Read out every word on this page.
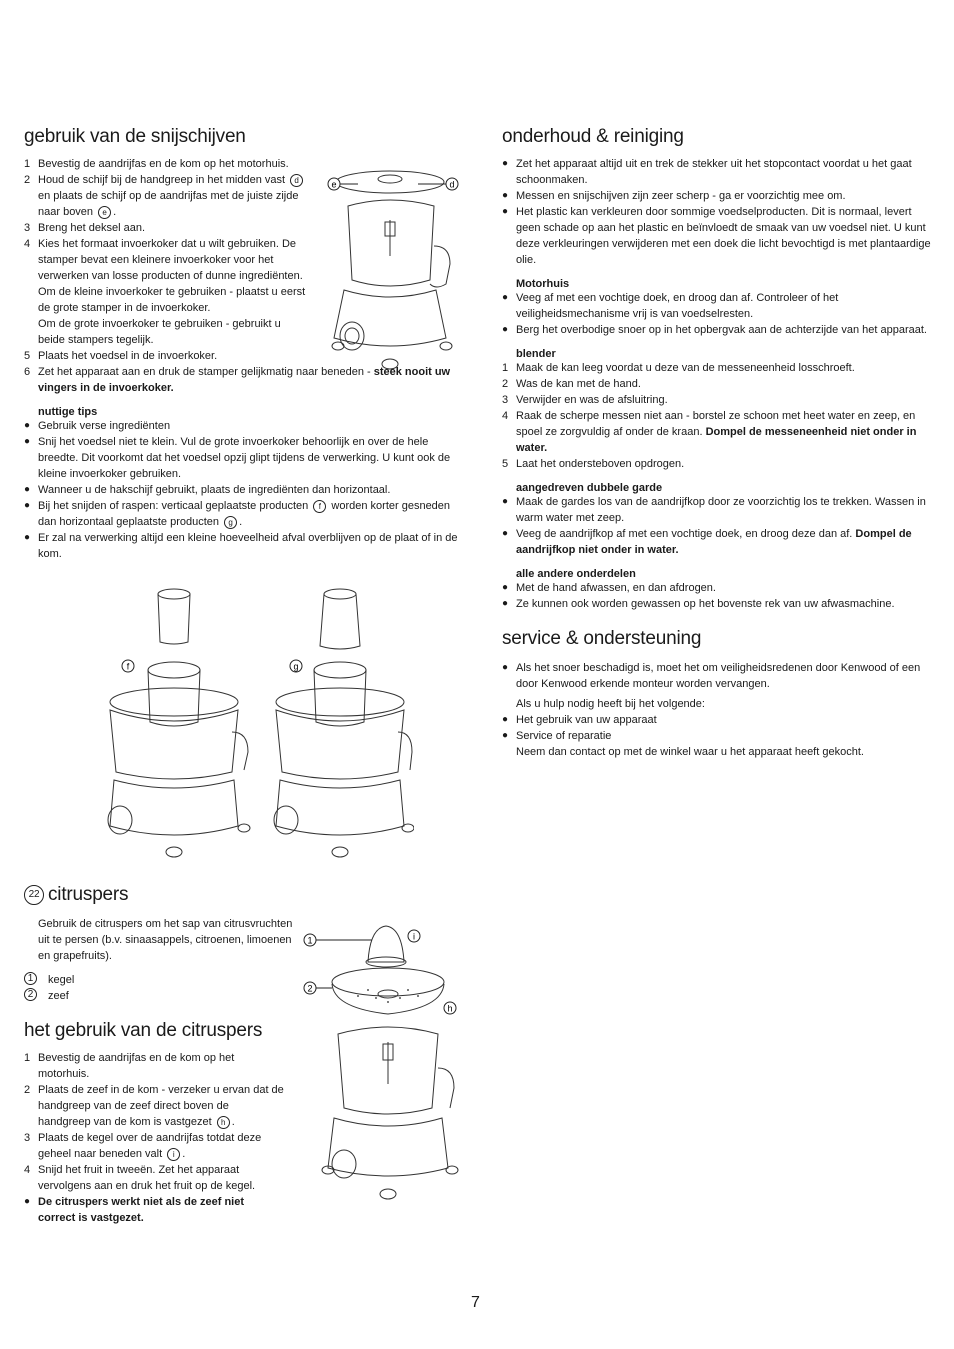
gebruik van de snijschijven
1 Bevestig de aandrijfas en de kom op het motorhuis.
2 Houd de schijf bij de handgreep in het midden vast d en plaats de schijf op de aandrijfas met de juiste zijde naar boven e .
3 Breng het deksel aan.
4 Kies het formaat invoerkoker dat u wilt gebruiken. De stamper bevat een kleinere invoerkoker voor het verwerken van losse producten of dunne ingrediënten.
Om de kleine invoerkoker te gebruiken - plaatst u eerst de grote stamper in de invoerkoker.
Om de grote invoerkoker te gebruiken - gebruikt u beide stampers tegelijk.
5 Plaats het voedsel in de invoerkoker.
6 Zet het apparaat aan en druk de stamper gelijkmatig naar beneden - steek nooit uw vingers in de invoerkoker.
nuttige tips
● Gebruik verse ingrediënten
● Snij het voedsel niet te klein. Vul de grote invoerkoker behoorlijk en over de hele breedte. Dit voorkomt dat het voedsel opzij glipt tijdens de verwerking. U kunt ook de kleine invoerkoker gebruiken.
● Wanneer u de hakschijf gebruikt, plaats de ingrediënten dan horizontaal.
● Bij het snijden of raspen: verticaal geplaatste producten f worden korter gesneden dan horizontaal geplaatste producten g .
● Er zal na verwerking altijd een kleine hoeveelheid afval overblijven op de plaat of in de kom.
e	d
f	g
22 citruspers

Gebruik de citruspers om het sap van citrusvruchten uit te persen (b.v. sinaasappels, citroenen, limoenen en grapefruits).

1	kegel
2	zeef
het gebruik van de citruspers
1 Bevestig de aandrijfas en de kom op het motorhuis.
2 Plaats de zeef in de kom - verzeker u ervan dat de handgreep van de zeef direct boven de handgreep van de kom is vastgezet h .
3 Plaats de kegel over de aandrijfas totdat deze geheel naar beneden valt i .
4 Snijd het fruit in tweeën. Zet het apparaat vervolgens aan en druk het fruit op de kegel.
● De citruspers werkt niet als de zeef niet correct is vastgezet.
1
2
i
h
onderhoud & reiniging
● Zet het apparaat altijd uit en trek de stekker uit het stopcontact voordat u het gaat schoonmaken.
● Messen en snijschijven zijn zeer scherp - ga er voorzichtig mee om.
● Het plastic kan verkleuren door sommige voedselproducten. Dit is normaal, levert geen schade op aan het plastic en beïnvloedt de smaak van uw voedsel niet. U kunt deze verkleuringen verwijderen met een doek die licht bevochtigd is met plantaardige olie.
Motorhuis
● Veeg af met een vochtige doek, en droog dan af. Controleer of het veiligheidsmechanisme vrij is van voedselresten.
● Berg het overbodige snoer op in het opbergvak aan de achterzijde van het apparaat.
blender
1 Maak de kan leeg voordat u deze van de messeneenheid losschroeft.
2 Was de kan met de hand.
3 Verwijder en was de afsluitring.
4 Raak de scherpe messen niet aan - borstel ze schoon met heet water en zeep, en spoel ze zorgvuldig af onder de kraan. Dompel de messeneenheid niet onder in water.
5 Laat het ondersteboven opdrogen.
aangedreven dubbele garde
● Maak de gardes los van de aandrijfkop door ze voorzichtig los te trekken. Wassen in warm water met zeep.
● Veeg de aandrijfkop af met een vochtige doek, en droog deze dan af. Dompel de aandrijfkop niet onder in water.
alle andere onderdelen
● Met de hand afwassen, en dan afdrogen.
● Ze kunnen ook worden gewassen op het bovenste rek van uw afwasmachine.
service & ondersteuning
● Als het snoer beschadigd is, moet het om veiligheidsredenen door Kenwood of een door Kenwood erkende monteur worden vervangen.

Als u hulp nodig heeft bij het volgende:

● Het gebruik van uw apparaat
● Service of reparatie

Neem dan contact op met de winkel waar u het apparaat heeft gekocht.

7
